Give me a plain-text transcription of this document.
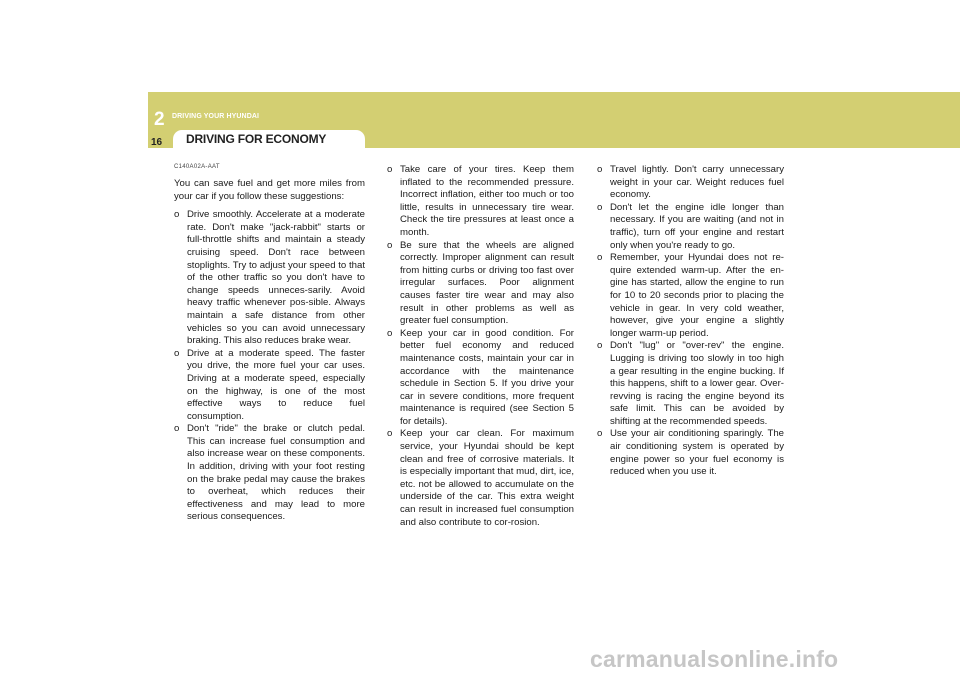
2 DRIVING YOUR HYUNDAI
16 DRIVING FOR ECONOMY
C140A02A-AAT

You can save fuel and get more miles from your car if you follow these suggestions:

o Drive smoothly. Accelerate at a moderate rate. Don't make "jack-rabbit" starts or full-throttle shifts and maintain a steady cruising speed. Don't race between stoplights. Try to adjust your speed to that of the other traffic so you don't have to change speeds unneces-sarily. Avoid heavy traffic whenever pos-sible. Always maintain a safe distance from other vehicles so you can avoid unnecessary braking. This also reduces brake wear.
o Drive at a moderate speed. The faster you drive, the more fuel your car uses. Driving at a moderate speed, especially on the highway, is one of the most effective ways to reduce fuel consumption.
o Don't "ride" the brake or clutch pedal. This can increase fuel consumption and also increase wear on these components. In addition, driving with your foot resting on the brake pedal may cause the brakes to overheat, which reduces their effectiveness and may lead to more serious consequences.
o Take care of your tires. Keep them inflated to the recommended pressure. Incorrect inflation, either too much or too little, results in unnecessary tire wear. Check the tire pressures at least once a month.
o Be sure that the wheels are aligned correctly. Improper alignment can result from hitting curbs or driving too fast over irregular surfaces. Poor alignment causes faster tire wear and may also result in other problems as well as greater fuel consumption.
o Keep your car in good condition. For better fuel economy and reduced maintenance costs, maintain your car in accordance with the maintenance schedule in Section 5. If you drive your car in severe conditions, more frequent maintenance is required (see Section 5 for details).
o Keep your car clean. For maximum service, your Hyundai should be kept clean and free of corrosive materials. It is especially important that mud, dirt, ice, etc. not be allowed to accumulate on the underside of the car. This extra weight can result in increased fuel consumption and also contribute to cor-rosion.
o Travel lightly. Don't carry unnecessary weight in your car. Weight reduces fuel economy.
o Don't let the engine idle longer than necessary. If you are waiting (and not in traffic), turn off your engine and restart only when you're ready to go.
o Remember, your Hyundai does not re-quire extended warm-up. After the en-gine has started, allow the engine to run for 10 to 20 seconds prior to placing the vehicle in gear. In very cold weather, however, give your engine a slightly longer warm-up period.
o Don't "lug" or "over-rev" the engine. Lugging is driving too slowly in too high a gear resulting in the engine bucking. If this happens, shift to a lower gear. Over-revving is racing the engine beyond its safe limit. This can be avoided by shifting at the recommended speeds.
o Use your air conditioning sparingly. The air conditioning system is operated by engine power so your fuel economy is reduced when you use it.
carmanualsonline.info
